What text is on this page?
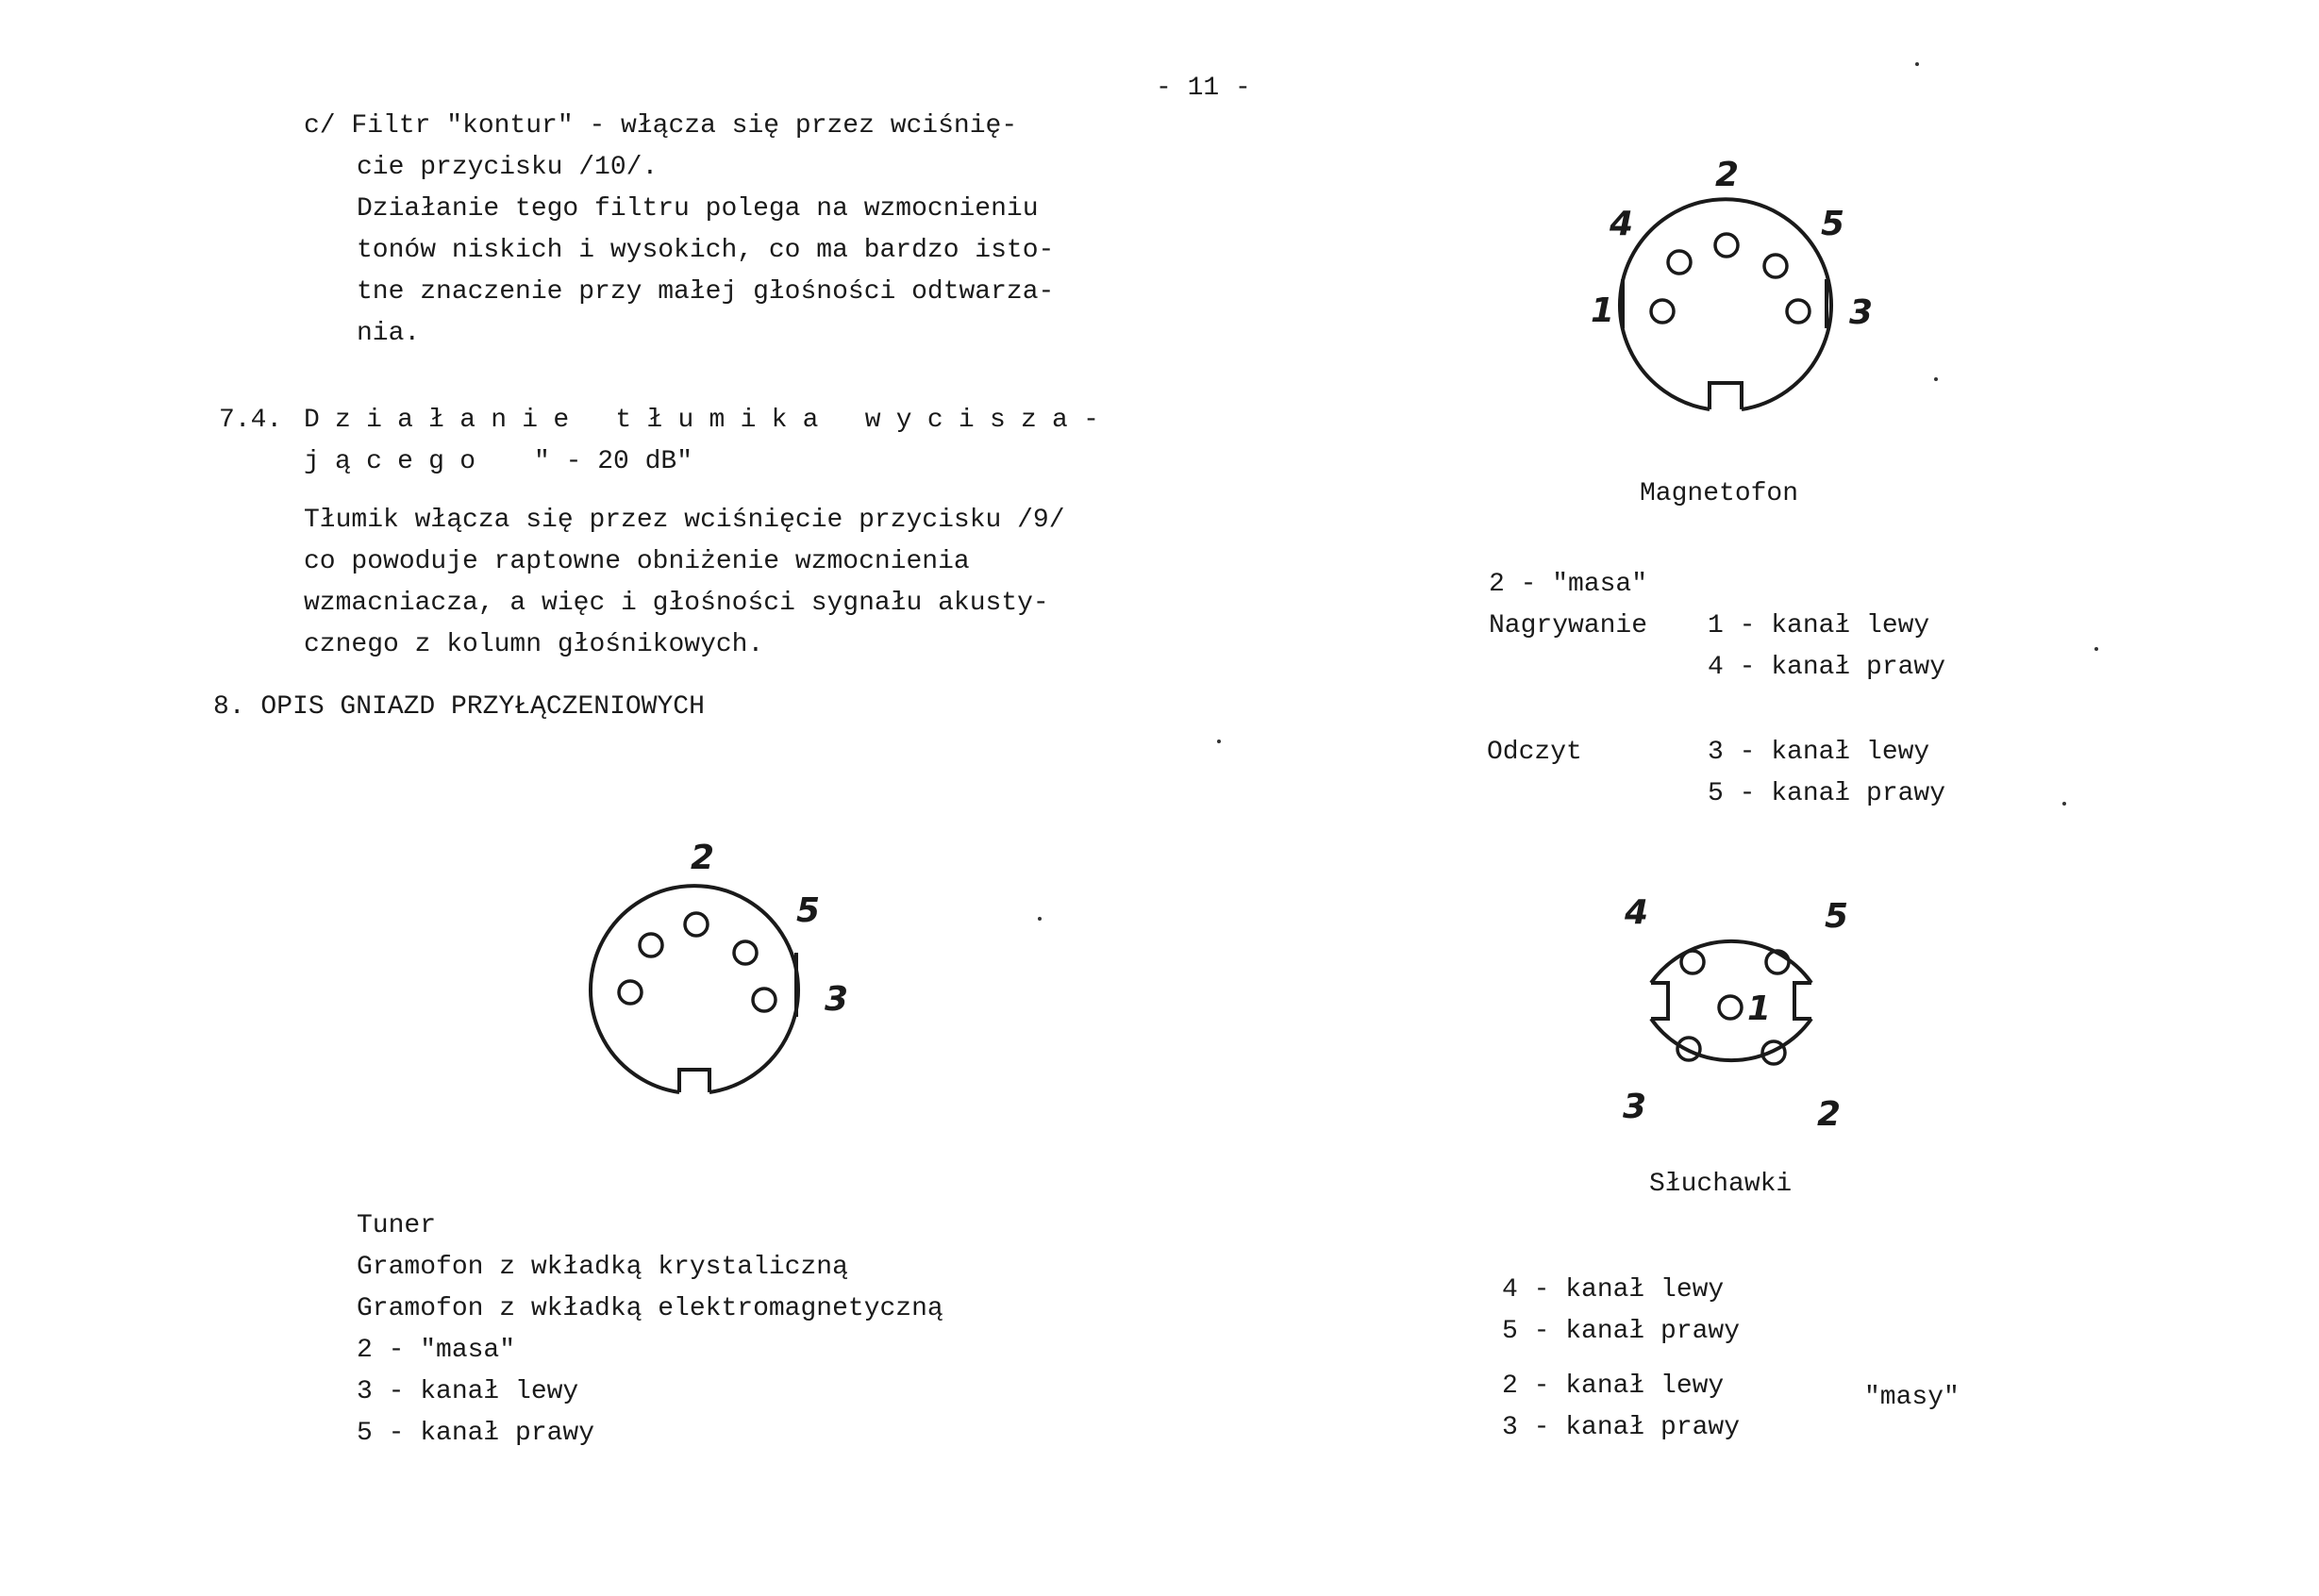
- 11 -
c/ Filtr "kontur" - włącza się przez wciśnię-
cie przycisku /10/.
Działanie tego filtru polega na wzmocnieniu
tonów niskich i wysokich, co ma bardzo isto-
tne znaczenie przy małej głośności odtwarza-
nia.
7.4. Działanie tłumika wycisza-
jącego " - 20 dB"
Tłumik włącza się przez wciśnięcie przycisku /9/
co powoduje raptowne obniżenie wzmocnienia
wzmacniacza, a więc i głośności sygnału akusty-
cznego z kolumn głośnikowych.
8. OPIS GNIAZD PRZYŁĄCZENIOWYCH
2
5
3
Tuner
Gramofon z wkładką krystaliczną
Gramofon z wkładką elektromagnetyczną
2 - "masa"
3 - kanał lewy
5 - kanał prawy
2
4	5
1	3
Magnetofon
2 - "masa"
Nagrywanie 1 - kanał lewy
4 - kanał prawy
Odczyt	3 - kanał lewy
5 - kanał prawy
4	5
1
3	2
Słuchawki
4 - kanał lewy
5 - kanał prawy
2 - kanał lewy
3 - kanał prawy
"masy"
